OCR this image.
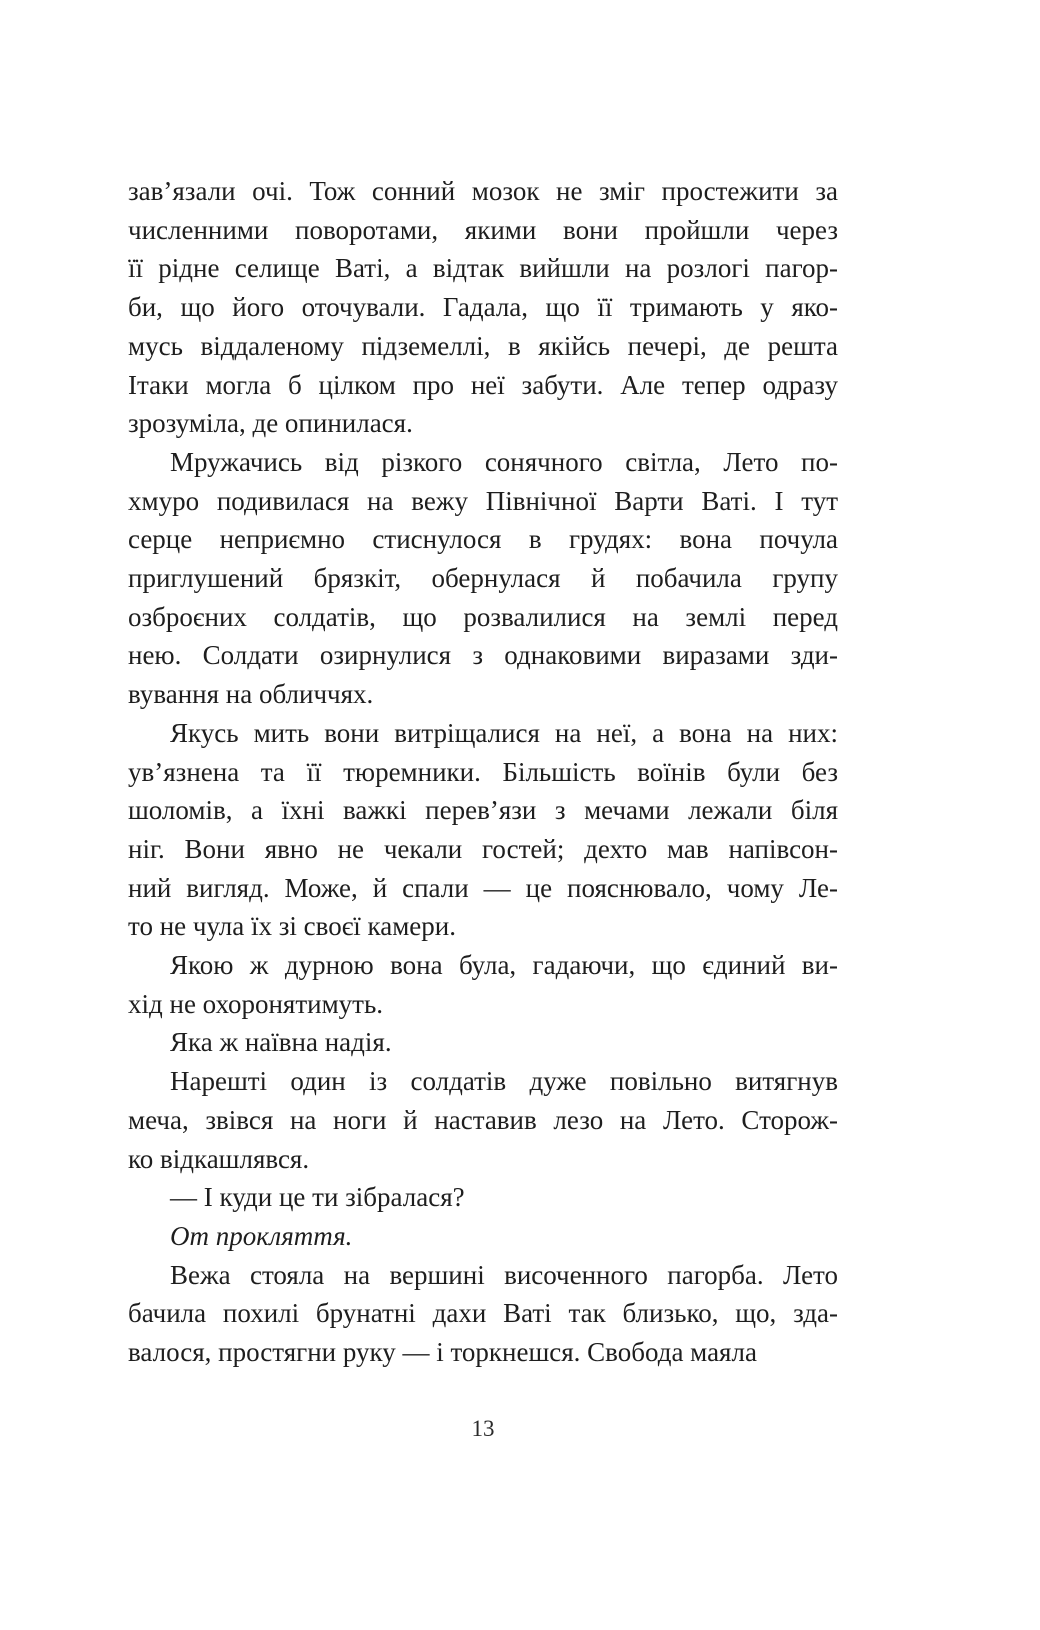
зав’язали очі. Тож сонний мозок не зміг простежити за
численними поворотами, якими вони пройшли через
її рідне селище Ваті, а відтак вийшли на розлогі пагор-
би, що його оточували. Гадала, що її тримають у яко-
мусь віддаленому підземеллі, в якійсь печері, де решта
Ітаки могла б цілком про неї забути. Але тепер одразу
зрозуміла, де опинилася.
Мружачись від різкого сонячного світла, Лето по-
хмуро подивилася на вежу Північної Варти Ваті. І тут
серце неприємно стиснулося в грудях: вона почула
приглушений брязкіт, обернулася й побачила групу
озброєних солдатів, що розвалилися на землі перед
нею. Солдати озирнулися з однаковими виразами зди-
вування на обличчях.
Якусь мить вони витріщалися на неї, а вона на них:
ув’язнена та її тюремники. Більшість воїнів були без
шоломів, а їхні важкі перев’язи з мечами лежали біля
ніг. Вони явно не чекали гостей; дехто мав напівсон-
ний вигляд. Може, й спали — це пояснювало, чому Ле-
то не чула їх зі своєї камери.
Якою ж дурною вона була, гадаючи, що єдиний ви-
хід не охоронятимуть.
Яка ж наївна надія.
Нарешті один із солдатів дуже повільно витягнув
меча, звівся на ноги й наставив лезо на Лето. Сторож-
ко відкашлявся.
— І куди це ти зібралася?
От прокляття.
Вежа стояла на вершині височенного пагорба. Лето
бачила похилі брунатні дахи Ваті так близько, що, зда-
валося, простягни руку — і торкнешся. Свобода маяла
13
